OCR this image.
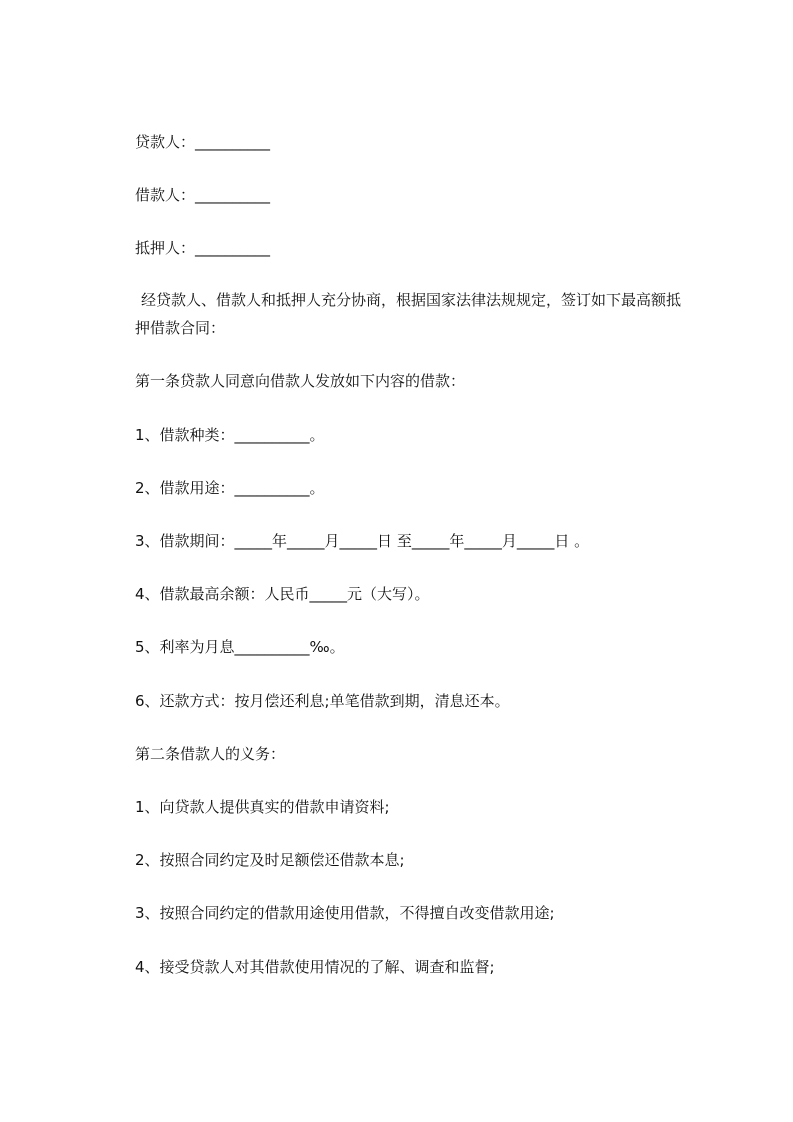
贷款人：__________
借款人：__________
抵押人：__________
经贷款人、借款人和抵押人充分协商，根据国家法律法规规定，签订如下最高额抵押借款合同：
第一条贷款人同意向借款人发放如下内容的借款：
1、借款种类：__________。
2、借款用途：__________。
3、借款期间：_____年_____月_____日 至_____年_____月_____日 。
4、借款最高余额：人民币_____元（大写）。
5、利率为月息__________‰。
6、还款方式：按月偿还利息;单笔借款到期，清息还本。
第二条借款人的义务：
1、向贷款人提供真实的借款申请资料;
2、按照合同约定及时足额偿还借款本息;
3、按照合同约定的借款用途使用借款，不得擅自改变借款用途;
4、接受贷款人对其借款使用情况的了解、调查和监督;
